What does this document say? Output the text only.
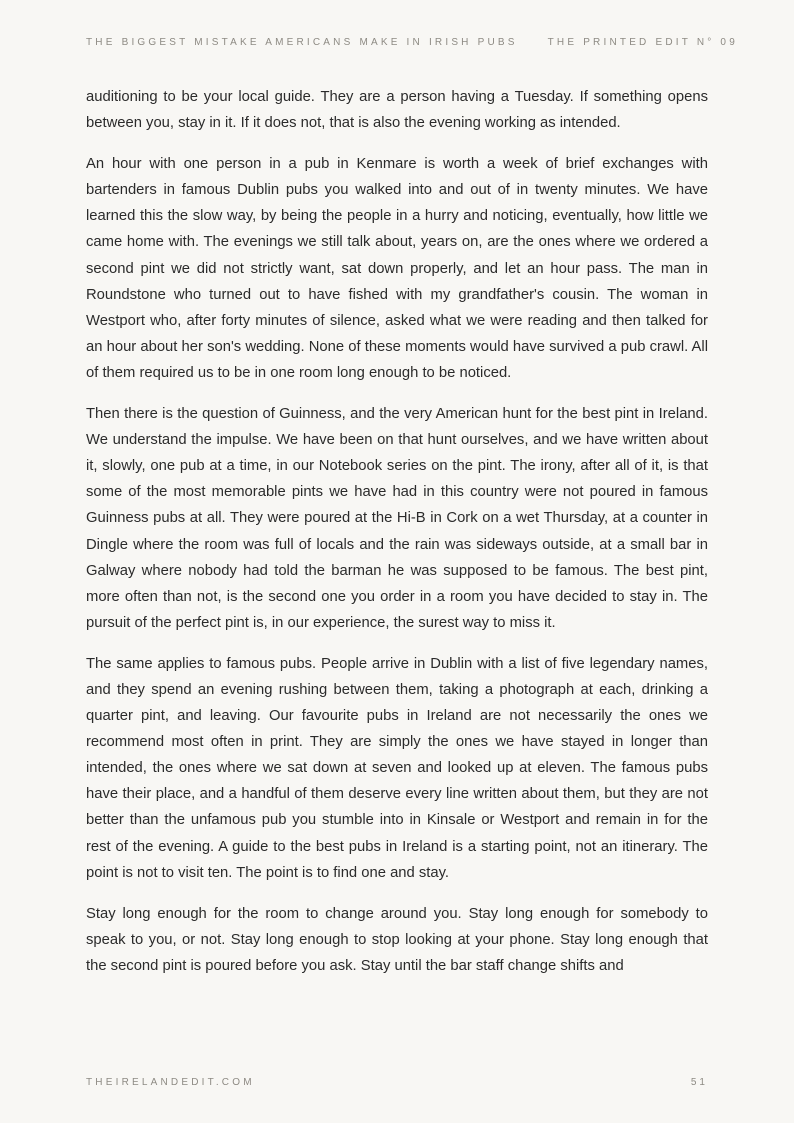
THE BIGGEST MISTAKE AMERICANS MAKE IN IRISH PUBS	THE PRINTED EDIT N° 09

auditioning to be your local guide. They are a person having a Tuesday. If something opens between you, stay in it. If it does not, that is also the evening working as intended.

An hour with one person in a pub in Kenmare is worth a week of brief exchanges with bartenders in famous Dublin pubs you walked into and out of in twenty minutes. We have learned this the slow way, by being the people in a hurry and noticing, eventually, how little we came home with. The evenings we still talk about, years on, are the ones where we ordered a second pint we did not strictly want, sat down properly, and let an hour pass. The man in Roundstone who turned out to have fished with my grandfather's cousin. The woman in Westport who, after forty minutes of silence, asked what we were reading and then talked for an hour about her son's wedding. None of these moments would have survived a pub crawl. All of them required us to be in one room long enough to be noticed.

Then there is the question of Guinness, and the very American hunt for the best pint in Ireland. We understand the impulse. We have been on that hunt ourselves, and we have written about it, slowly, one pub at a time, in our Notebook series on the pint. The irony, after all of it, is that some of the most memorable pints we have had in this country were not poured in famous Guinness pubs at all. They were poured at the Hi-B in Cork on a wet Thursday, at a counter in Dingle where the room was full of locals and the rain was sideways outside, at a small bar in Galway where nobody had told the barman he was supposed to be famous. The best pint, more often than not, is the second one you order in a room you have decided to stay in. The pursuit of the perfect pint is, in our experience, the surest way to miss it.

The same applies to famous pubs. People arrive in Dublin with a list of five legendary names, and they spend an evening rushing between them, taking a photograph at each, drinking a quarter pint, and leaving. Our favourite pubs in Ireland are not necessarily the ones we recommend most often in print. They are simply the ones we have stayed in longer than intended, the ones where we sat down at seven and looked up at eleven. The famous pubs have their place, and a handful of them deserve every line written about them, but they are not better than the unfamous pub you stumble into in Kinsale or Westport and remain in for the rest of the evening. A guide to the best pubs in Ireland is a starting point, not an itinerary. The point is not to visit ten. The point is to find one and stay.

Stay long enough for the room to change around you. Stay long enough for somebody to speak to you, or not. Stay long enough to stop looking at your phone. Stay long enough that the second pint is poured before you ask. Stay until the bar staff change shifts and

THEIRELANDEDIT.COM	51
